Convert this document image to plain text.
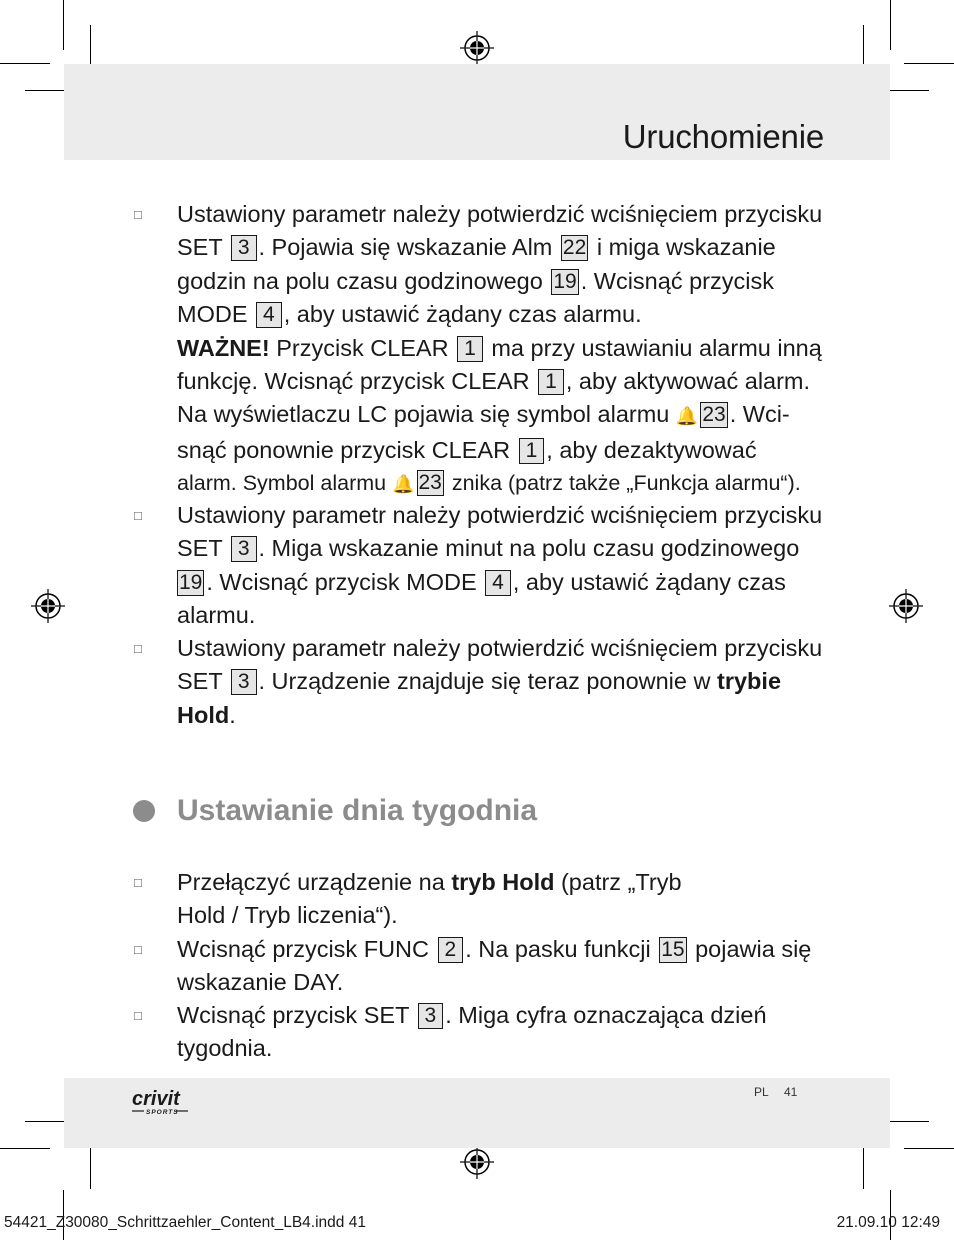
Uruchomienie
□ Ustawiony parametr należy potwierdzić wciśnięciem przycisku
SET 3 . Pojawia się wskazanie Alm 22 i miga wskazanie
godzin na polu czasu godzinowego 19 . Wcisnąć przycisk
MODE 4 , aby ustawić żądany czas alarmu.
WAŻNE! Przycisk CLEAR 1 ma przy ustawianiu alarmu inną
funkcję. Wcisnąć przycisk CLEAR 1 , aby aktywować alarm.
Na wyświetlaczu LC pojawia się symbol alarmu 🔔 23 . Wci-
snąć ponownie przycisk CLEAR 1 , aby dezaktywować
alarm. Symbol alarmu 🔔 23 znika (patrz także „Funkcja alarmu“).
□ Ustawiony parametr należy potwierdzić wciśnięciem przycisku
SET 3 . Miga wskazanie minut na polu czasu godzinowego
19 . Wcisnąć przycisk MODE 4 , aby ustawić żądany czas
alarmu.
□ Ustawiony parametr należy potwierdzić wciśnięciem przycisku
SET 3 . Urządzenie znajduje się teraz ponownie w trybie
Hold.
Ustawianie dnia tygodnia
□ Przełączyć urządzenie na tryb Hold (patrz „Tryb
Hold / Tryb liczenia“).
□ Wcisnąć przycisk FUNC 2 . Na pasku funkcji 15 pojawia się
wskazanie DAY.
□ Wcisnąć przycisk SET 3 . Miga cyfra oznaczająca dzień
tygodnia.
crivit
SPORTS
PL 41
54421_Z30080_Schrittzaehler_Content_LB4.indd 41	21.09.10 12:49
